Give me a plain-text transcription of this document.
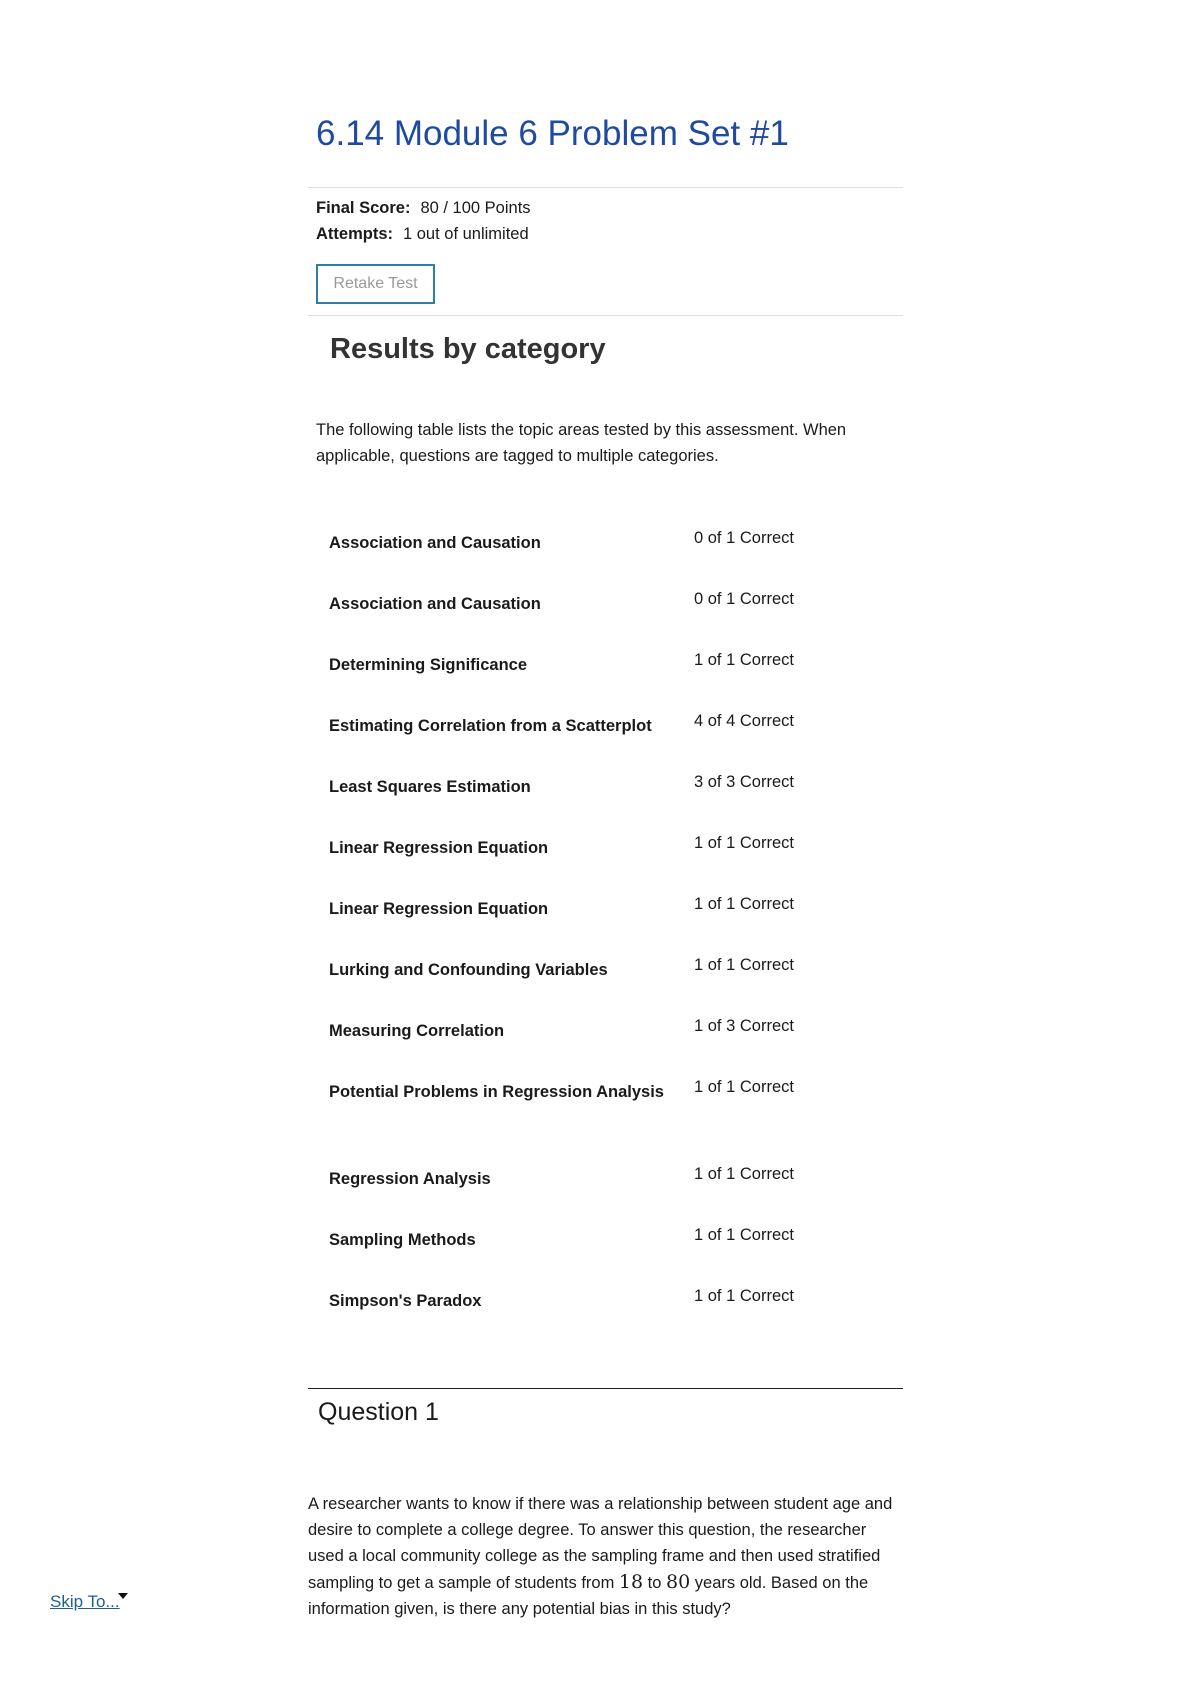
6.14 Module 6 Problem Set #1
Final Score: 80 / 100 Points
Attempts: 1 out of unlimited
Retake Test
Results by category

The following table lists the topic areas tested by this assessment. When applicable, questions are tagged to multiple categories.

Association and Causation	0 of 1 Correct
Association and Causation	0 of 1 Correct
Determining Significance	1 of 1 Correct
Estimating Correlation from a Scatterplot	4 of 4 Correct
Least Squares Estimation	3 of 3 Correct
Linear Regression Equation	1 of 1 Correct
Linear Regression Equation	1 of 1 Correct
Lurking and Confounding Variables	1 of 1 Correct
Measuring Correlation	1 of 3 Correct
Potential Problems in Regression Analysis	1 of 1 Correct
Regression Analysis	1 of 1 Correct
Sampling Methods	1 of 1 Correct
Simpson's Paradox	1 of 1 Correct
Question 1

A researcher wants to know if there was a relationship between student age and desire to complete a college degree. To answer this question, the researcher used a local community college as the sampling frame and then used stratified sampling to get a sample of students from 18 to 80 years old. Based on the information given, is there any potential bias in this study?

Skip To...
